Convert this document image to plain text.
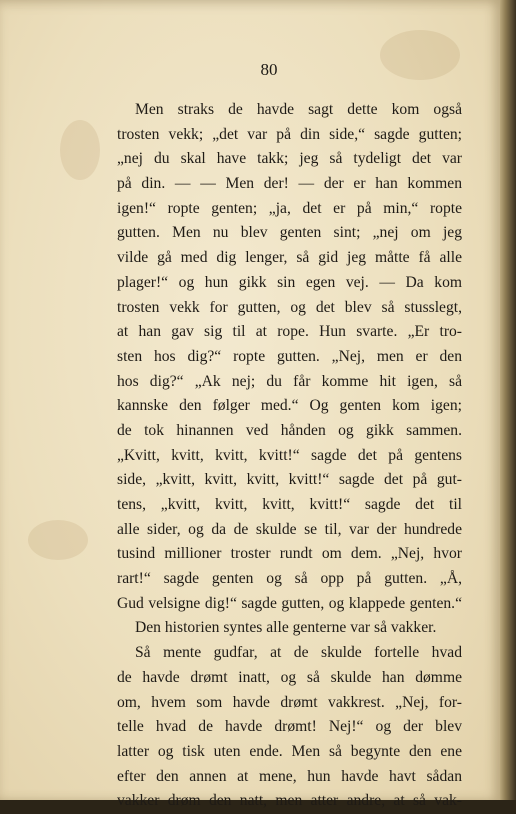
80
Men straks de havde sagt dette kom også
trosten vekk; „det var på din side,“ sagde gutten;
„nej du skal have takk; jeg så tydeligt det var
på din. — — Men der! — der er han kommen
igen!“ ropte genten; „ja, det er på min,“ ropte
gutten. Men nu blev genten sint; „nej om jeg
vilde gå med dig lenger, så gid jeg måtte få alle
plager!“ og hun gikk sin egen vej. — Da kom
trosten vekk for gutten, og det blev så stusslegt,
at han gav sig til at rope. Hun svarte. „Er tro-
sten hos dig?“ ropte gutten. „Nej, men er den
hos dig?“ „Ak nej; du får komme hit igen, så
kannske den følger med.“ Og genten kom igen;
de tok hinannen ved hånden og gikk sammen.
„Kvitt, kvitt, kvitt, kvitt!“ sagde det på gentens
side, „kvitt, kvitt, kvitt, kvitt!“ sagde det på gut-
tens, „kvitt, kvitt, kvitt, kvitt!“ sagde det til
alle sider, og da de skulde se til, var der hundrede
tusind millioner troster rundt om dem. „Nej, hvor
rart!“ sagde genten og så opp på gutten. „Å,
Gud velsigne dig!“ sagde gutten, og klappede genten.“
Den historien syntes alle genterne var så vakker.
Så mente gudfar, at de skulde fortelle hvad
de havde drømt inatt, og så skulde han dømme
om, hvem som havde drømt vakkrest. „Nej, for-
telle hvad de havde drømt! Nej!“ og der blev
latter og tisk uten ende. Men så begynte den ene
efter den annen at mene, hun havde havt sådan
vakker drøm den natt, men atter andre, at så vak-
